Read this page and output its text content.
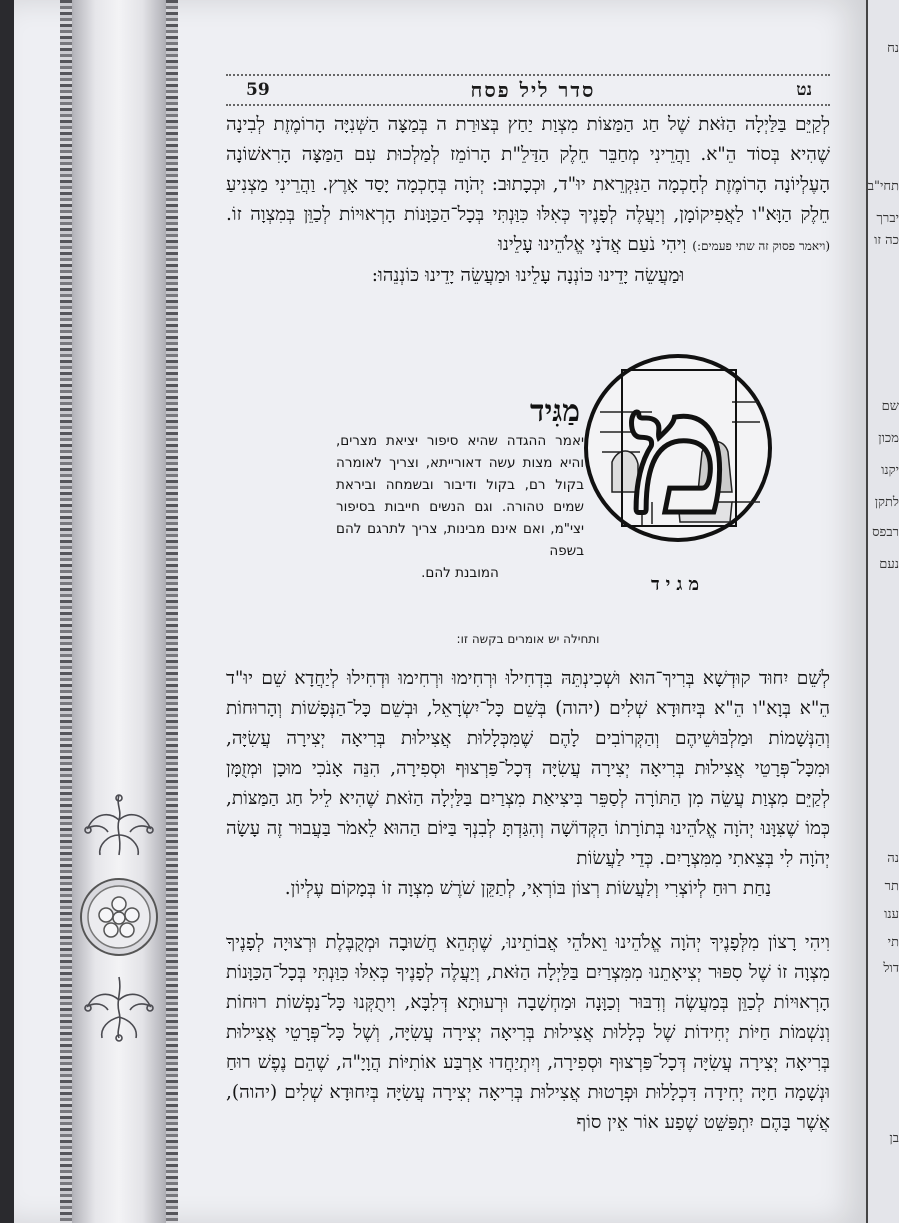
נח
תחי"ב
יברך
כה זו
שם
מכון
יקנו
לתקן
רבפס
נעם
נה
תר
ענו
תי
דול
בן
59	סדר ליל פסח	נט
לְקַיֵּם בַּלַּיְלָה הַזֹּאת שֶׁל חַג הַמַּצּוֹת מִצְוַת יַחַץ בְּצוּרַת ה בְּמַצָּה הַשְּׁנִיָּה הָרוֹמֶזֶת לְבִינָה שֶׁהִיא בְּסוֹד הֵ"א. וַהֲרֵינִי מְחַבֵּר חֵלֶק הַדַּלֵ"ת הָרוֹמֵז לְמַלְכוּת עִם הַמַּצָּה הָרִאשׁוֹנָה הָעֶלְיוֹנָה הָרוֹמֶזֶת לְחָכְמָה הַנִּקְרֵאת יוּ"ד, וּכְכָתוּב: יְהֹוָה בְּחָכְמָה יָסַד אָרֶץ. וַהֲרֵינִי מַצְנִיעַ חֵלֶק הַוָּא"ו לַאֲפִיקוֹמָן, וְיַעֲלֶה לְפָנֶיךָ כְּאִלּוּ כִּוַּנְתִּי בְּכָל־הַכַּוָּנוֹת הָרְאוּיוֹת לְכַוֵּן בְּמִצְוָה זוֹ. (ויאמר פסוק זה שתי פעמים:) וִיהִי נֹעַם אֲדֹנָי אֱלֹהֵינוּ עָלֵינוּ
וּמַעֲשֵׂה יָדֵינוּ כּוֹנְנָה עָלֵינוּ וּמַעֲשֵׂה יָדֵינוּ כּוֹנְנֵהוּ:
מַגִּיד
יאמר ההגדה שהיא סיפור יציאת מצרים, והיא מצות עשה דאורייתא, וצריך לאומרה בקול רם, בקול ודיבור ובשמחה וביראת שמים טהורה. וגם הנשים חייבות בסיפור יצי"מ, ואם אינם מבינות, צריך לתרגם להם בשפה
המובנת להם.
מ
מגיד
ותחילה יש אומרים בקשה זו:
לְשֵׁם יִחוּד קוּדְשָׁא בְּרִיךְ־הוּא וּשְׁכִינְתֵּהּ בִּדְחִילוּ וּרְחִימוּ וּרְחִימוּ וּדְחִילוּ לְיַחֲדָא שֵׁם יוּ"ד הֵ"א בְּוָא"ו הֵ"א בְּיִחוּדָא שְׁלִים (יהוה) בְּשֵׁם כָּל־יִשְׂרָאֵל, וּבְשֵׁם כָּל־הַנְּפָשׁוֹת וְהָרוּחוֹת וְהַנְּשָׁמוֹת וּמַלְבּוּשֵׁיהֶם וְהַקְּרוֹבִים לָהֶם שֶׁמִּכְּלָלוּת אֲצִילוּת בְּרִיאָה יְצִירָה עֲשִׂיָּה, וּמִכָּל־פְּרָטֵי אֲצִילוּת בְּרִיאָה יְצִירָה עֲשִׂיָּה דְּכָל־פַּרְצוּף וּסְפִירָה, הִנֵּה אָנֹכִי מוּכָן וּמְזֻמָּן לְקַיֵּם מִצְוַת עֲשֵׂה מִן הַתּוֹרָה לְסַפֵּר בִּיצִיאַת מִצְרַיִם בַּלַּיְלָה הַזֹּאת שֶׁהִיא לֵיל חַג הַמַּצּוֹת, כְּמוֹ שֶׁצִּוָּנוּ יְהֹוָה אֱלֹהֵינוּ בְּתוֹרָתוֹ הַקְּדוֹשָׁה וְהִגַּדְתָּ לְבִנְךָ בַּיּוֹם הַהוּא לֵאמֹר בַּעֲבוּר זֶה עָשָׂה יְהֹוָה לִי בְּצֵאתִי מִמִּצְרָיִם. כְּדֵי לַעֲשׂוֹת
נַחַת רוּחַ לְיוֹצְרִי וְלַעֲשׂוֹת רְצוֹן בּוֹרְאִי, לְתַקֵּן שֹׁרֶשׁ מִצְוָה זוֹ בְּמָקוֹם עֶלְיוֹן.
וִיהִי רָצוֹן מִלְּפָנֶיךָ יְהֹוָה אֱלֹהֵינוּ וֵאלֹהֵי אֲבוֹתֵינוּ, שֶׁתְּהֵא חֲשׁוּבָה וּמְקֻבֶּלֶת וּרְצוּיָה לְפָנֶיךָ מִצְוָה זוֹ שֶׁל סִפּוּר יְצִיאָתֵנוּ מִמִּצְרַיִם בַּלַּיְלָה הַזֹּאת, וְיַעֲלֶה לְפָנֶיךָ כְּאִלּוּ כִּוַּנְתִּי בְּכָל־הַכַּוָּנוֹת הָרְאוּיוֹת לְכַוֵּן בְּמַעֲשֶׂה וְדִבּוּר וְכַוָּנָה וּמַחְשָׁבָה וּרְעוּתָא דְּלִבָּא, וִיתֻקְּנוּ כָּל־נַפְשׁוֹת רוּחוֹת וְנִשְׁמוֹת חַיּוֹת יְחִידוֹת שֶׁל כְּלָלוּת אֲצִילוּת בְּרִיאָה יְצִירָה עֲשִׂיָּה, וְשֶׁל כָּל־פְּרָטֵי אֲצִילוּת בְּרִיאָה יְצִירָה עֲשִׂיָּה דְּכָל־פַּרְצוּף וּסְפִירָה, וְיִתְיַחֲדוּ אַרְבַּע אוֹתִיּוֹת הֲוָיָ"ה, שֶׁהֵם נֶפֶשׁ רוּחַ וּנְשָׁמָה חַיָּה יְחִידָה דִּכְלָלוּת וּפְרָטוּת אֲצִילוּת בְּרִיאָה יְצִירָה עֲשִׂיָּה בְּיִחוּדָא שְׁלִים (יהוה), אֲשֶׁר בָּהֶם יִתְפַּשֵּׁט שֶׁפַע אוֹר אֵין סוֹף
